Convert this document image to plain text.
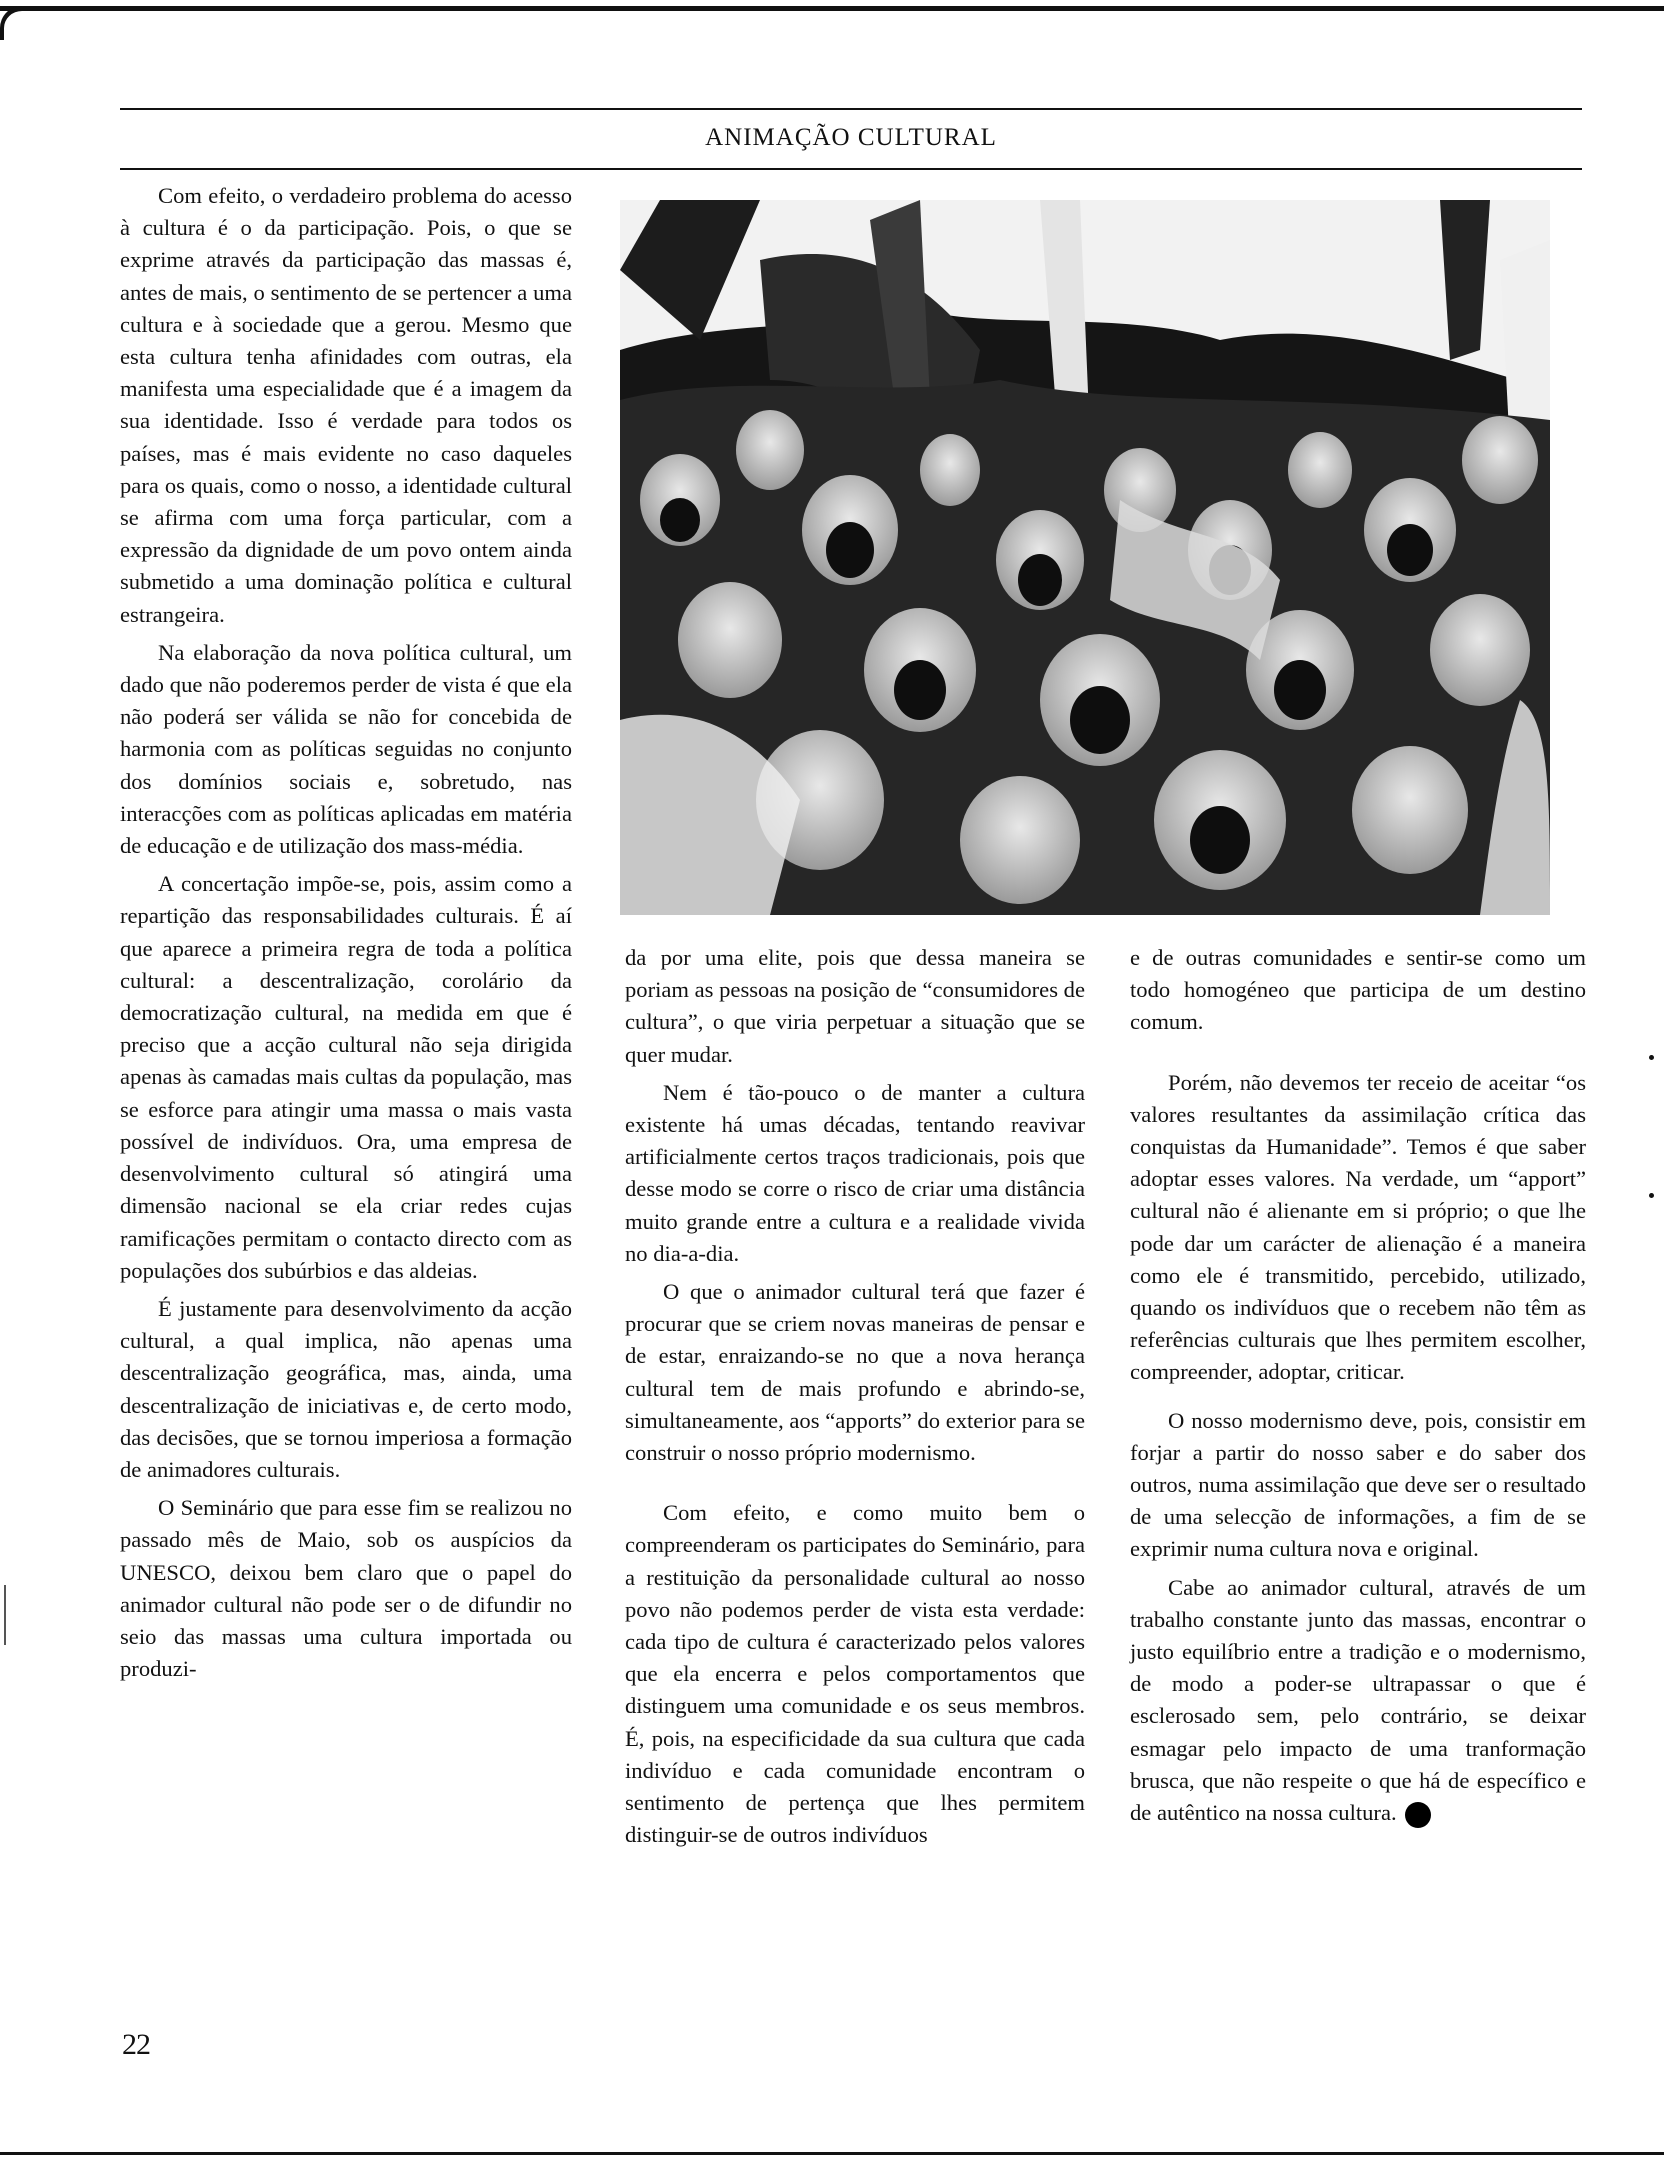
ANIMAÇÃO CULTURAL

Com efeito, o verdadeiro problema do acesso à cultura é o da participação. Pois, o que se exprime através da participação das massas é, antes de mais, o sentimento de se pertencer a uma cultura e à sociedade que a gerou. Mesmo que esta cultura tenha afinidades com outras, ela manifesta uma especialidade que é a imagem da sua identidade. Isso é verdade para todos os países, mas é mais evidente no caso daqueles para os quais, como o nosso, a identidade cultural se afirma com uma força particular, com a expressão da dignidade de um povo ontem ainda submetido a uma dominação política e cultural estrangeira.

Na elaboração da nova política cultural, um dado que não poderemos perder de vista é que ela não poderá ser válida se não for concebida de harmonia com as políticas seguidas no conjunto dos domínios sociais e, sobretudo, nas interacções com as políticas aplicadas em matéria de educação e de utilização dos mass-média.

A concertação impõe-se, pois, assim como a repartição das responsabilidades culturais. É aí que aparece a primeira regra de toda a política cultural: a descentralização, corolário da democratização cultural, na medida em que é preciso que a acção cultural não seja dirigida apenas às camadas mais cultas da população, mas se esforce para atingir uma massa o mais vasta possível de indivíduos. Ora, uma empresa de desenvolvimento cultural só atingirá uma dimensão nacional se ela criar redes cujas ramificações permitam o contacto directo com as populações dos subúrbios e das aldeias.

É justamente para desenvolvimento da acção cultural, a qual implica, não apenas uma descentralização geográfica, mas, ainda, uma descentralização de iniciativas e, de certo modo, das decisões, que se tornou imperiosa a formação de animadores culturais.

O Seminário que para esse fim se realizou no passado mês de Maio, sob os auspícios da UNESCO, deixou bem claro que o papel do animador cultural não pode ser o de difundir no seio das massas uma cultura importada ou produzi-

da por uma elite, pois que dessa maneira se poriam as pessoas na posição de “consumidores de cultura”, o que viria perpetuar a situação que se quer mudar.

Nem é tão-pouco o de manter a cultura existente há umas décadas, tentando reavivar artificialmente certos traços tradicionais, pois que desse modo se corre o risco de criar uma distância muito grande entre a cultura e a realidade vivida no dia-a-dia.

O que o animador cultural terá que fazer é procurar que se criem novas maneiras de pensar e de estar, enraizando-se no que a nova herança cultural tem de mais profundo e abrindo-se, simultaneamente, aos “apports” do exterior para se construir o nosso próprio modernismo.

Com efeito, e como muito bem o compreenderam os participates do Seminário, para a restituição da personalidade cultural ao nosso povo não podemos perder de vista esta verdade: cada tipo de cultura é caracterizado pelos valores que ela encerra e pelos comportamentos que distinguem uma comunidade e os seus membros. É, pois, na especificidade da sua cultura que cada indivíduo e cada comunidade encontram o sentimento de pertença que lhes permitem distinguir-se de outros indivíduos

e de outras comunidades e sentir-se como um todo homogéneo que participa de um destino comum.

Porém, não devemos ter receio de aceitar “os valores resultantes da assimilação crítica das conquistas da Humanidade”. Temos é que saber adoptar esses valores. Na verdade, um “apport” cultural não é alienante em si próprio; o que lhe pode dar um carácter de alienação é a maneira como ele é transmitido, percebido, utilizado, quando os indivíduos que o recebem não têm as referências culturais que lhes permitem escolher, compreender, adoptar, criticar.

O nosso modernismo deve, pois, consistir em forjar a partir do nosso saber e do saber dos outros, numa assimilação que deve ser o resultado de uma selecção de informações, a fim de se exprimir numa cultura nova e original.

Cabe ao animador cultural, através de um trabalho constante junto das massas, encontrar o justo equilíbrio entre a tradição e o modernismo, de modo a poder-se ultrapassar o que é esclerosado sem, pelo contrário, se deixar esmagar pelo impacto de uma tranformação brusca, que não respeite o que há de específico e de autêntico na nossa cultura.

22
